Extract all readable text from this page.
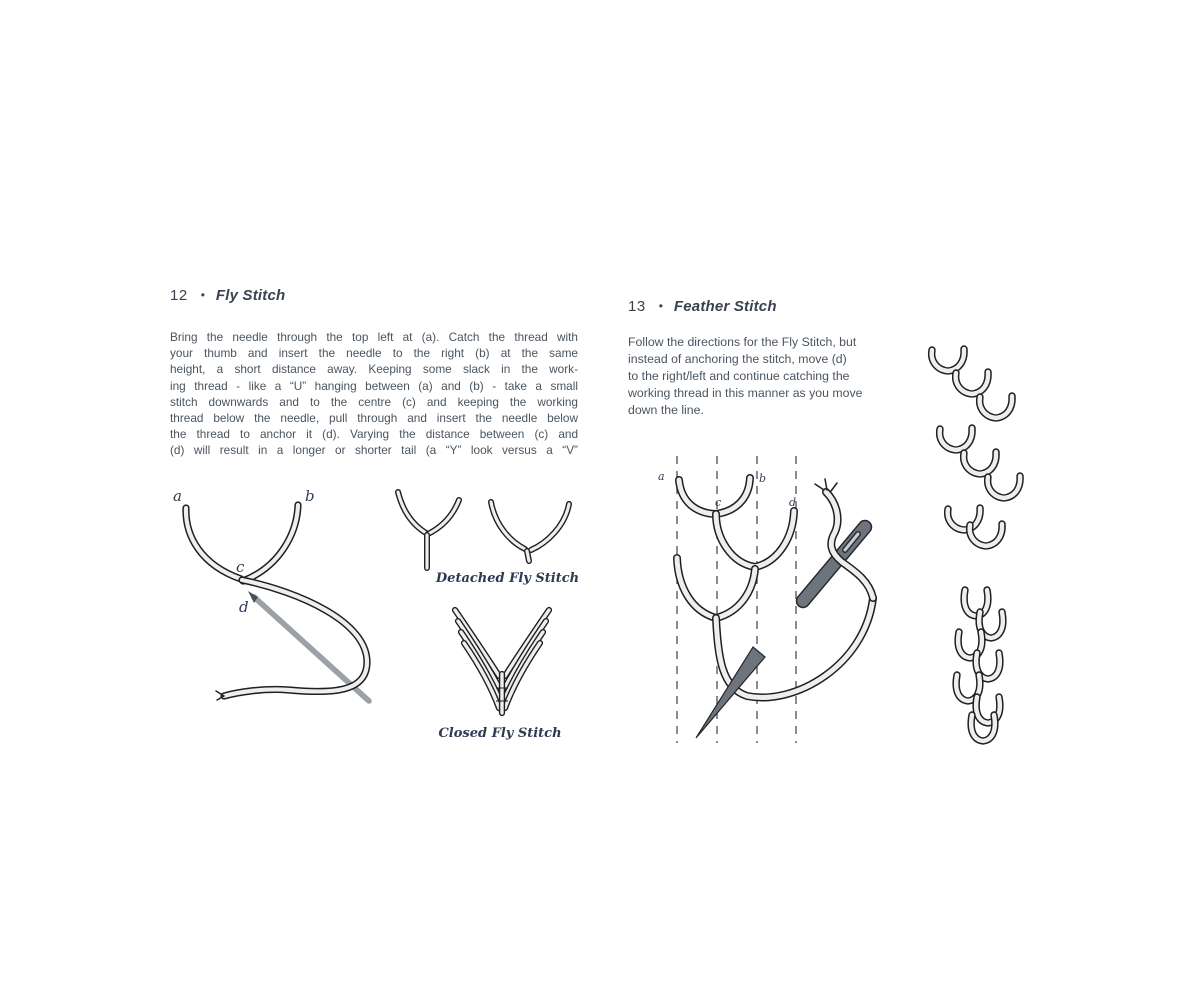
12 • Fly Stitch
Bring the needle through the top left at (a). Catch the thread with
your thumb and insert the needle to the right (b) at the same
height, a short distance away. Keeping some slack in the work-
ing thread - like a “U” hanging between (a) and (b) - take a small
stitch downwards and to the centre (c) and keeping the working
thread below the needle, pull through and insert the needle below
the thread to anchor it (d). Varying the distance between (c) and
(d) will result in a longer or shorter tail (a “Y” look versus a “V”
a	b
c
d
Detached Fly Stitch
Closed Fly Stitch
13 • Feather Stitch
Follow the directions for the Fly Stitch, but
instead of anchoring the stitch, move (d)
to the right/left and continue catching the
working thread in this manner as you move
down the line.
a	b
c	d
